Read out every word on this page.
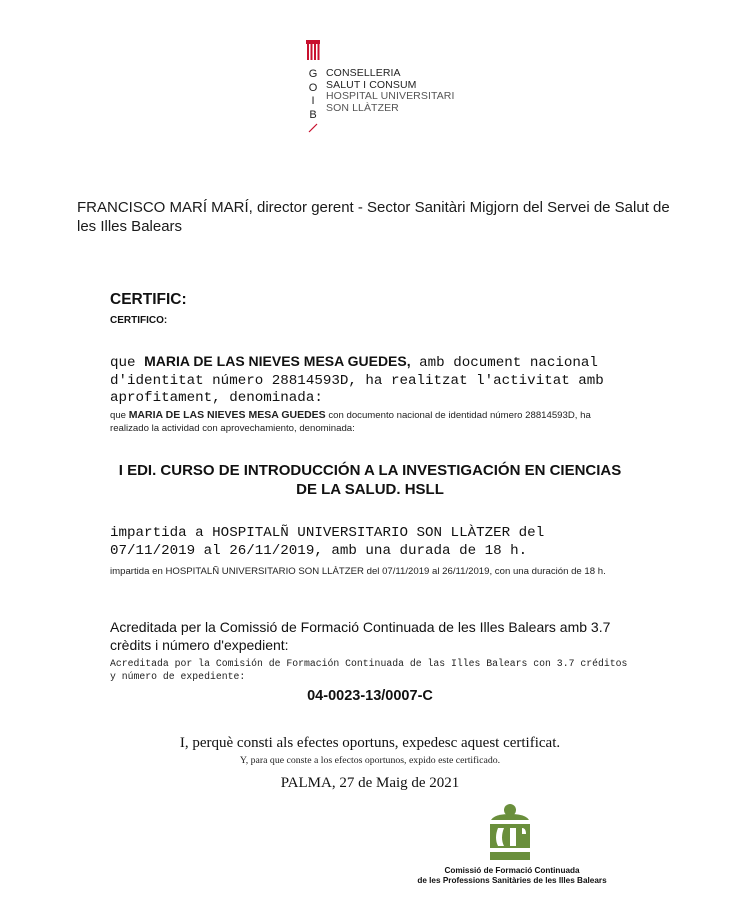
G
O
I
B
CONSELLERIA
SALUT I CONSUM
HOSPITAL UNIVERSITARI
SON LLÀTZER
FRANCISCO MARÍ MARÍ, director gerent - Sector Sanitàri Migjorn del Servei de Salut de les Illes Balears
CERTIFIC:
CERTIFICO:
que MARIA DE LAS NIEVES MESA GUEDES, amb document nacional d'identitat número 28814593D, ha realitzat l'activitat amb aprofitament, denominada:
que MARIA DE LAS NIEVES MESA GUEDES con documento nacional de identidad número 28814593D, ha realizado la actividad con aprovechamiento, denominada:
I EDI. CURSO DE INTRODUCCIÓN A LA INVESTIGACIÓN EN CIENCIAS DE LA SALUD. HSLL
impartida a HOSPITALÑ UNIVERSITARIO SON LLÀTZER del 07/11/2019 al 26/11/2019, amb una durada de 18 h.
impartida en HOSPITALÑ UNIVERSITARIO SON LLÀTZER del 07/11/2019 al 26/11/2019, con una duración de 18 h.
Acreditada per la Comissió de Formació Continuada de les Illes Balears amb 3.7 crèdits i número d'expedient:
Acreditada por la Comisión de Formación Continuada de las Illes Balears con 3.7 créditos y número de expediente:
04-0023-13/0007-C
I, perquè consti als efectes oportuns, expedesc aquest certificat.
Y, para que conste a los efectos oportunos, expido este certificado.
PALMA, 27 de Maig de 2021
Comissió de Formació Continuada
de les Professions Sanitàries de les Illes Balears
